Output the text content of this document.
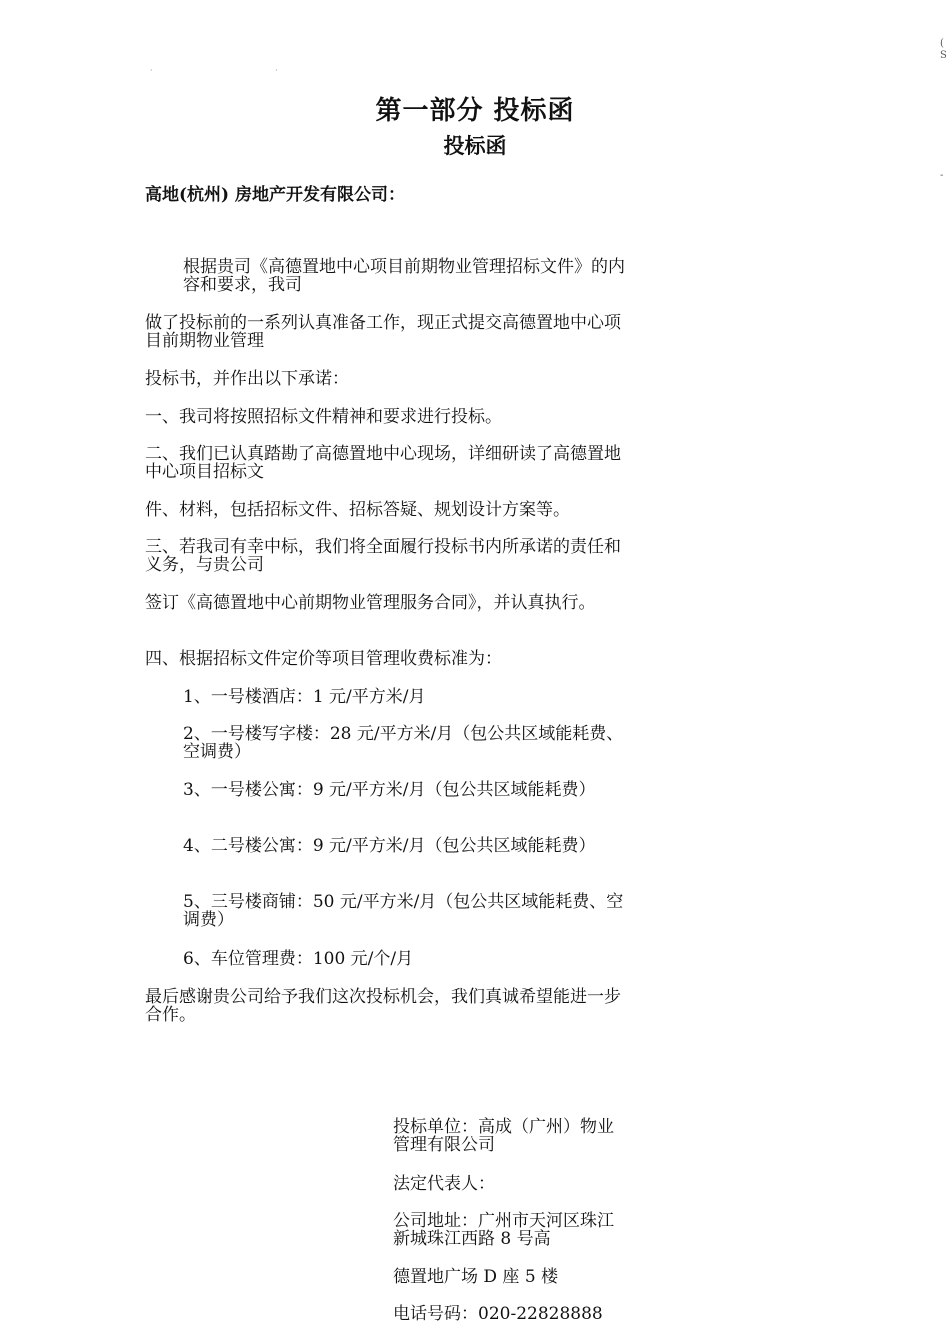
· ·
(
S

‑
第一部分 投标函
投标函
高地(杭州) 房地产开发有限公司：
根据贵司《高德置地中心项目前期物业管理招标文件》的内容和要求，我司
做了投标前的一系列认真准备工作，现正式提交高德置地中心项目前期物业管理
投标书，并作出以下承诺：
一、我司将按照招标文件精神和要求进行投标。
二、我们已认真踏勘了高德置地中心现场，详细研读了高德置地中心项目招标文
件、材料，包括招标文件、招标答疑、规划设计方案等。
三、若我司有幸中标，我们将全面履行投标书内所承诺的责任和义务，与贵公司
签订《高德置地中心前期物业管理服务合同》，并认真执行。
四、根据招标文件定价等项目管理收费标准为：
1、一号楼酒店：1 元/平方米/月
2、一号楼写字楼：28 元/平方米/月（包公共区域能耗费、空调费）
3、一号楼公寓：9 元/平方米/月（包公共区域能耗费）
4、二号楼公寓：9 元/平方米/月（包公共区域能耗费）
5、三号楼商铺：50 元/平方米/月（包公共区域能耗费、空调费）
6、车位管理费：100 元/个/月
最后感谢贵公司给予我们这次投标机会，我们真诚希望能进一步合作。
投标单位：高成（广州）物业管理有限公司
法定代表人：
公司地址：广州市天河区珠江新城珠江西路 8 号高
德置地广场 D 座 5 楼
电话号码：020-22828888
